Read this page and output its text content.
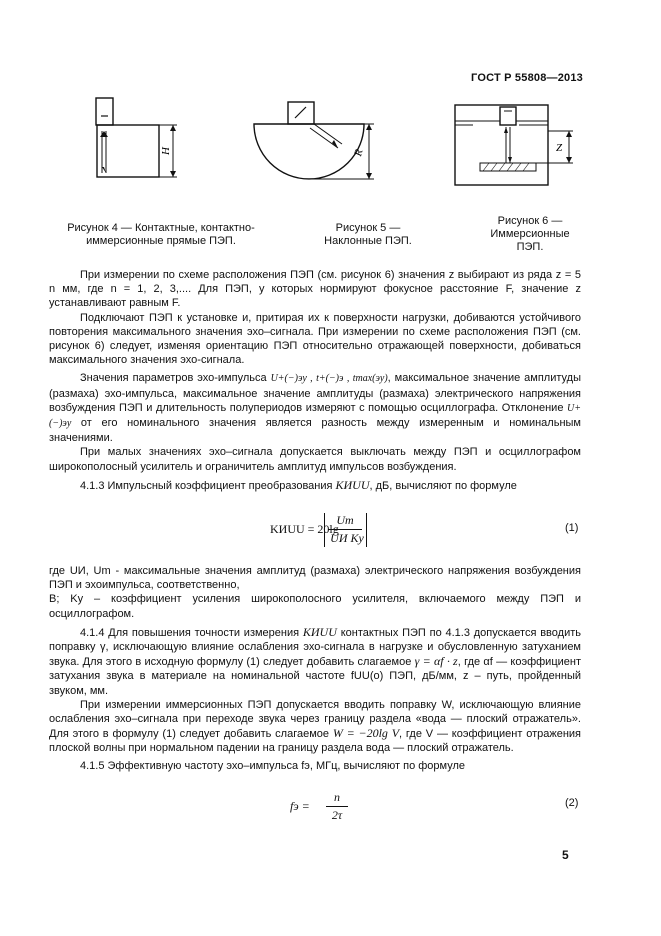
ГОСТ Р 55808—2013
H	R	Z
Рисунок 4 — Контактные, контактно-
иммерсионные прямые ПЭП.
Рисунок 5 —
Наклонные ПЭП.
Рисунок 6 —
Иммерсионные
ПЭП.

При измерении по схеме расположения ПЭП (см. рисунок 6) значения z выбирают из ряда z = 5 n мм, где n = 1, 2, 3,.... Для ПЭП, у которых нормируют фокусное расстояние F, значение z устанавливают равным F.

Подключают ПЭП к установке и, притирая их к поверхности нагрузки, добиваются устойчивого повторения максимального значения эхо–сигнала. При измерении по схеме расположения ПЭП (см. рисунок 6) следует, изменяя ориентацию ПЭП относительно отражающей поверхности, добиваться максимального значения эхо-сигнала.

Значения параметров эхо-импульса U+(−)эу , t+(−)э , tmax(эу), максимальное значение амплитуды (размаха) эхо-импульса, максимальное значение амплитуды (размаха) электрического напряжения возбуждения ПЭП и длительность полупериодов измеряют с помощью осциллографа. Отклонение U+(−)эу от его номинального значения является разность между измеренным и номинальным значениями.

При малых значениях эхо–сигнала допускается выключать между ПЭП и осциллографом широкополосный усилитель и ограничитель амплитуд импульсов возбуждения.

4.1.3 Импульсный коэффициент преобразования KИUU, дБ, вычисляют по формуле

KИUU = 20lg
Um
UИ Ky
(1)

где UИ, Um - максимальные значения амплитуд (размаха) электрического напряжения возбуждения ПЭП и эхоимпульса, соответственно,

В; Ky – коэффициент усиления широкополосного усилителя, включаемого между ПЭП и осциллографом.

4.1.4 Для повышения точности измерения KИUU контактных ПЭП по 4.1.3 допускается вводить поправку γ, исключающую влияние ослабления эхо-сигнала в нагрузке и обусловленную затуханием звука. Для этого в исходную формулу (1) следует добавить слагаемое γ = αf · z, где αf — коэффициент затухания звука в материале на номинальной частоте fUU(o) ПЭП, дБ/мм, z – путь, пройденный звуком, мм.

При измерении иммерсионных ПЭП допускается вводить поправку W, исключающую влияние ослабления эхо–сигнала при переходе звука через границу раздела «вода — плоский отражатель». Для этого в формулу (1) следует добавить слагаемое W = −20lg V, где V — коэффициент отражения плоской волны при нормальном падении на границу раздела вода — плоский отражатель.

4.1.5 Эффективную частоту эхо–импульса fэ, МГц, вычисляют по формуле

fэ =
n
2τ
(2)
5
